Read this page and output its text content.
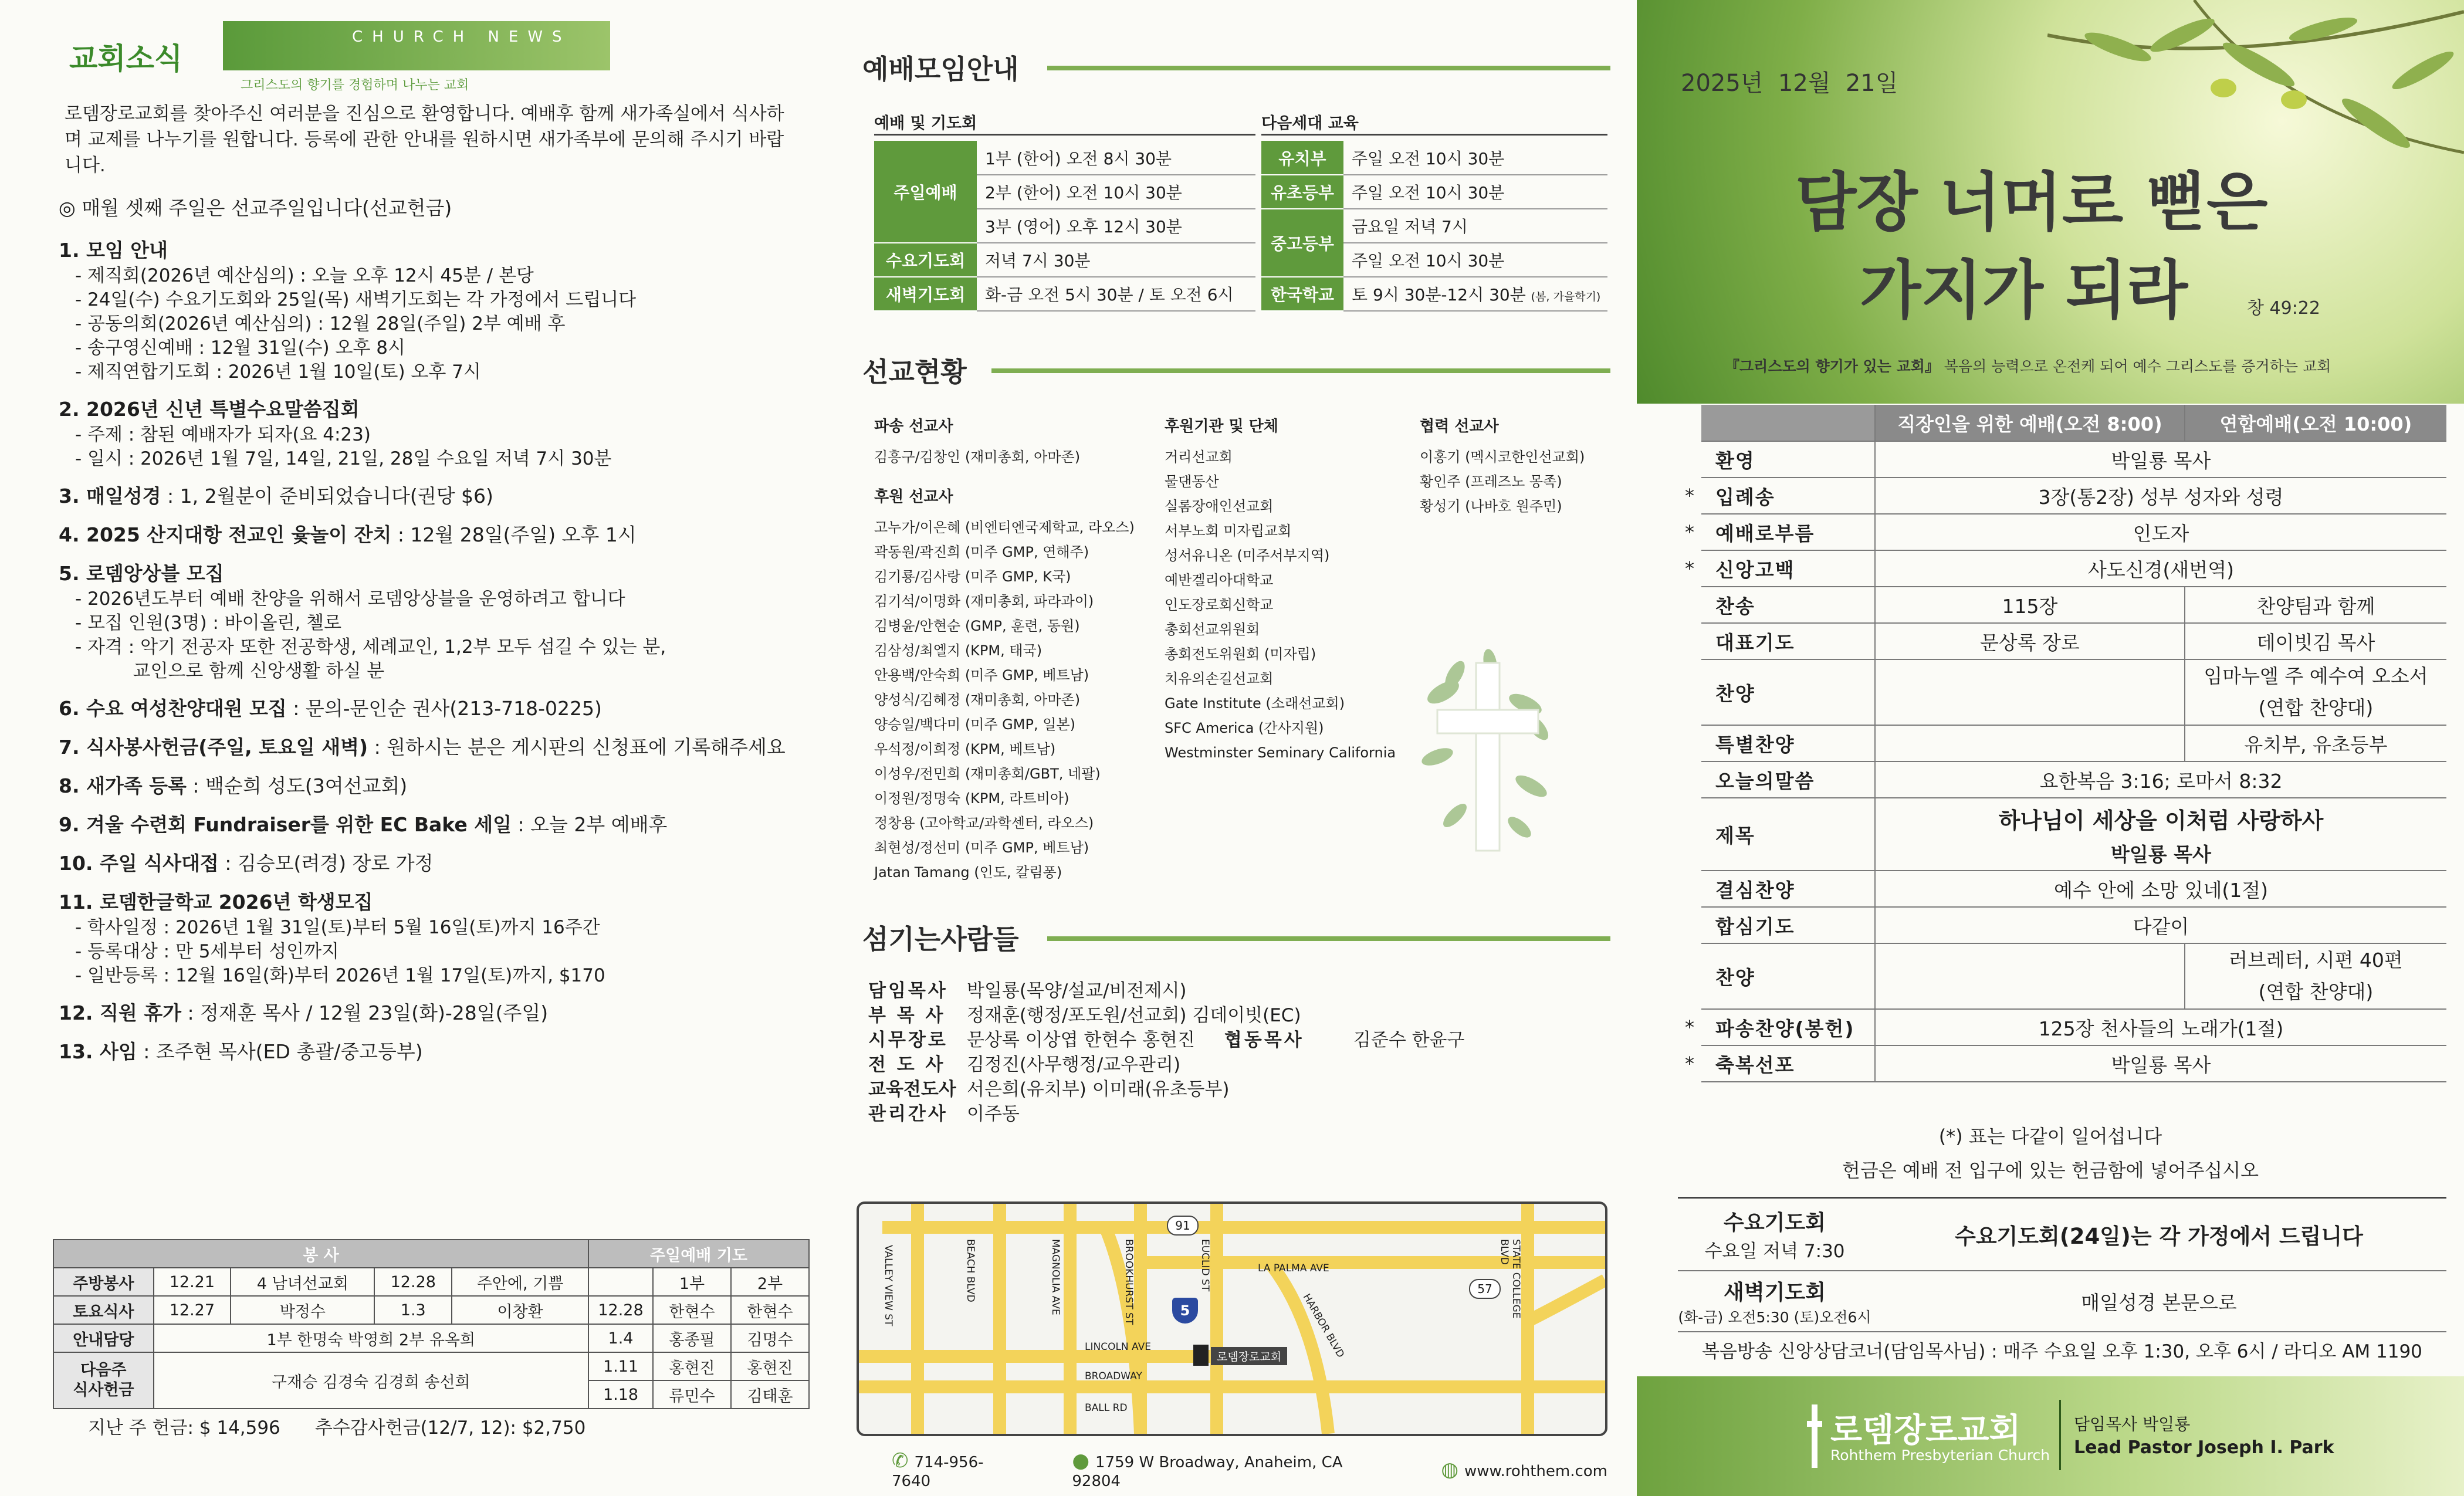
교회소식
CHURCH NEWS
그리스도의 향기를 경험하며 나누는 교회
로뎀장로교회를 찾아주신 여러분을 진심으로 환영합니다. 예배후 함께 새가족실에서 식사하며 교제를 나누기를 원합니다. 등록에 관한 안내를 원하시면 새가족부에 문의해 주시기 바랍니다.
◎ 매월 셋째 주일은 선교주일입니다(선교헌금)
1. 모임 안내
- 제직회(2026년 예산심의) : 오늘 오후 12시 45분 / 본당
- 24일(수) 수요기도회와 25일(목) 새벽기도회는 각 가정에서 드립니다
- 공동의회(2026년 예산심의) : 12월 28일(주일) 2부 예배 후
- 송구영신예배 : 12월 31일(수) 오후 8시
- 제직연합기도회 : 2026년 1월 10일(토) 오후 7시
2. 2026년 신년 특별수요말씀집회
- 주제 : 참된 예배자가 되자(요 4:23)
- 일시 : 2026년 1월 7일, 14일, 21일, 28일 수요일 저녁 7시 30분
3. 매일성경 : 1, 2월분이 준비되었습니다(권당 $6)
4. 2025 산지대항 전교인 윷놀이 잔치 : 12월 28일(주일) 오후 1시
5. 로뎀앙상블 모집
- 2026년도부터 예배 찬양을 위해서 로뎀앙상블을 운영하려고 합니다
- 모집 인원(3명) : 바이올린, 첼로
- 자격 : 악기 전공자 또한 전공학생, 세례교인, 1,2부 모두 섬길 수 있는 분,
교인으로 함께 신앙생활 하실 분
6. 수요 여성찬양대원 모집 : 문의-문인순 권사(213-718-0225)
7. 식사봉사헌금(주일, 토요일 새벽) : 원하시는 분은 게시판의 신청표에 기록해주세요
8. 새가족 등록 : 백순희 성도(3여선교회)
9. 겨울 수련회 Fundraiser를 위한 EC Bake 세일 : 오늘 2부 예배후
10. 주일 식사대접 : 김승모(려경) 장로 가정
11. 로뎀한글학교 2026년 학생모집
- 학사일정 : 2026년 1월 31일(토)부터 5월 16일(토)까지 16주간
- 등록대상 : 만 5세부터 성인까지
- 일반등록 : 12월 16일(화)부터 2026년 1월 17일(토)까지, $170
12. 직원 휴가 : 정재훈 목사 / 12월 23일(화)-28일(주일)
13. 사임 : 조주현 목사(ED 총괄/중고등부)
봉 사					주일예배 기도		
주방봉사	12.21	4 남녀선교회	12.28	주안에, 기쁨		1부	2부
토요식사	12.27	박정수	1.3	이창환	12.28	한현수	한현수
안내담당	1부 한명숙 박영희 2부 유옥희				1.4	홍종필	김명수
다음주
식사헌금	구재승 김경숙 김경희 송선희				1.11	홍현진	홍현진
					1.18	류민수	김태훈
지난 주 헌금: $ 14,596      추수감사헌금(12/7, 12): $2,750
예배모임안내
예배 및 기도회	다음세대 교육
주일예배	1부 (한어) 오전 8시 30분
	2부 (한어) 오전 10시 30분
	3부 (영어) 오후 12시 30분
수요기도회	저녁 7시 30분
새벽기도회	화-금 오전 5시 30분 / 토 오전 6시
유치부	주일 오전 10시 30분
유초등부	주일 오전 10시 30분
중고등부	금요일 저녁 7시
	주일 오전 10시 30분
한국학교	토 9시 30분-12시 30분 (봄, 가을학기)
선교현황
파송 선교사
김흥구/김창인 (재미총회, 아마존)
후원 선교사
고누가/이은혜 (비엔티엔국제학교, 라오스)
곽동원/곽진희 (미주 GMP, 연해주)
김기룡/김사랑 (미주 GMP, K국)
김기석/이명화 (재미총회, 파라과이)
김병윤/안현순 (GMP, 훈련, 동원)
김삼성/최엘지 (KPM, 태국)
안용백/안숙희 (미주 GMP, 베트남)
양성식/김혜정 (재미총회, 아마존)
양승일/백다미 (미주 GMP, 일본)
우석정/이희정 (KPM, 베트남)
이성우/전민희 (재미총회/GBT, 네팔)
이정원/정명숙 (KPM, 라트비아)
정창용 (고아학교/과학센터, 라오스)
최현성/정선미 (미주 GMP, 베트남)
Jatan Tamang (인도, 칼림퐁)
후원기관 및 단체
거리선교회
물댄동산
실롬장애인선교회
서부노회 미자립교회
성서유니온 (미주서부지역)
예반겔리아대학교
인도장로회신학교
총회선교위원회
총회전도위원회 (미자립)
치유의손길선교회
Gate Institute (소래선교회)
SFC America (간사지원)
Westminster Seminary California
협력 선교사
이홍기 (멕시코한인선교회)
황인주 (프레즈노 몽족)
황성기 (나바호 원주민)
섬기는사람들
담임목사	박일룡(목양/설교/비전제시)
부 목 사	정재훈(행정/포도원/선교회) 김데이빗(EC)
시무장로	문상록 이상엽 한현수 홍현진 협동목사	김준수 한윤구
전 도 사	김정진(사무행정/교우관리)
교육전도사 서은희(유치부) 이미래(유초등부)
관리간사	이주동
VALLEY VIEW ST	BEACH BLVD	MAGNOLIA AVE	BROOKHURST ST	EUCLID ST
HARBOR BLVD
STATE COLLEGE BLVD
LA PALMA AVE
LINCOLN AVE
BROADWAY
BALL RD
91
5
57
로뎀장로교회
✆ 714-956-7640
● 1759 W Broadway, Anaheim, CA 92804	◍ www.rohthem.com
2025년  12월  21일
담장 너머로 뻗은
가지가 되라	창 49:22
『그리스도의 향기가 있는 교회』 복음의 능력으로 온전케 되어 예수 그리스도를 증거하는 교회
		직장인을 위한 예배(오전 8:00)	연합예배(오전 10:00)
	환영	박일룡 목사	

*	입례송	3장(통2장) 성부 성자와 성령	

*	예배로부름	인도자	

*	신앙고백	사도신경(새번역)	

	찬송	115장	찬양팀과 함께

	대표기도	문상록 장로	데이빗김 목사

	찬양		임마누엘 주 예수여 오소서
(연합 찬양대)

	특별찬양		유치부, 유초등부

	오늘의말씀	요한복음 3:16; 로마서 8:32	

	제목	하나님이 세상을 이처럼 사랑하사
박일룡 목사	

	결심찬양	예수 안에 소망 있네(1절)	

	합심기도	다같이	

	찬양		러브레터, 시편 40편
(연합 찬양대)

*	파송찬양(봉헌)	125장 천사들의 노래가(1절)	

*	축복선포	박일룡 목사	
(*) 표는 다같이 일어섭니다
헌금은 예배 전 입구에 있는 헌금함에 넣어주십시오
수요기도회
수요일 저녁 7:30
수요기도회(24일)는 각 가정에서 드립니다
새벽기도회
(화-금) 오전5:30 (토)오전6시
매일성경 본문으로
복음방송 신앙상담코너(담임목사님) : 매주 수요일 오후 1:30, 오후 6시 / 라디오 AM 1190
로뎀장로교회
Rohthem Presbyterian Church
담임목사 박일룡
Lead Pastor Joseph I. Park
